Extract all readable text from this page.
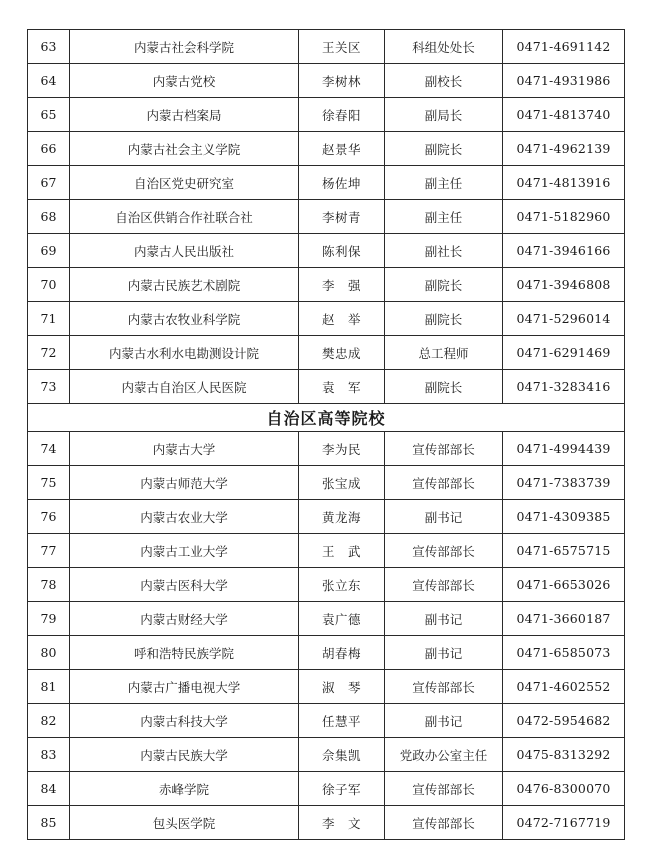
63	内蒙古社会科学院	王关区	科组处处长	0471-4691142
64	内蒙古党校	李树林	副校长	0471-4931986
65	内蒙古档案局	徐春阳	副局长	0471-4813740
66	内蒙古社会主义学院	赵景华	副院长	0471-4962139
67	自治区党史研究室	杨佐坤	副主任	0471-4813916
68	自治区供销合作社联合社	李树青	副主任	0471-5182960
69	内蒙古人民出版社	陈利保	副社长	0471-3946166
70	内蒙古民族艺术剧院	李　强	副院长	0471-3946808
71	内蒙古农牧业科学院	赵　举	副院长	0471-5296014
72	内蒙古水利水电勘测设计院	樊忠成	总工程师	0471-6291469
73	内蒙古自治区人民医院	袁　军	副院长	0471-3283416
自治区高等院校				
74	内蒙古大学	李为民	宣传部部长	0471-4994439
75	内蒙古师范大学	张宝成	宣传部部长	0471-7383739
76	内蒙古农业大学	黄龙海	副书记	0471-4309385
77	内蒙古工业大学	王　武	宣传部部长	0471-6575715
78	内蒙古医科大学	张立东	宣传部部长	0471-6653026
79	内蒙古财经大学	袁广德	副书记	0471-3660187
80	呼和浩特民族学院	胡春梅	副书记	0471-6585073
81	内蒙古广播电视大学	淑　琴	宣传部部长	0471-4602552
82	内蒙古科技大学	任慧平	副书记	0472-5954682
83	内蒙古民族大学	佘集凯	党政办公室主任	0475-8313292
84	赤峰学院	徐子军	宣传部部长	0476-8300070
85	包头医学院	李　文	宣传部部长	0472-7167719
